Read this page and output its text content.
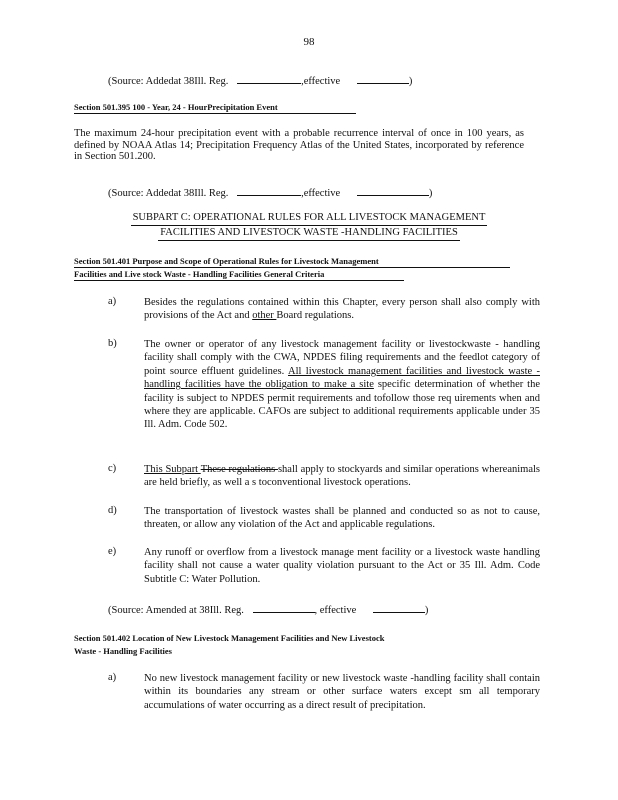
98
(Source: Addedat 38Ill. Reg.	,effective	)
Section 501.395 100 - Year, 24 - HourPrecipitation Event
The maximum 24-hour precipitation event with a probable recurrence interval of once in 100 years, as defined by NOAA Atlas 14; Precipitation Frequency Atlas of the United States, incorporated by reference in Section 501.200.
(Source: Addedat 38Ill. Reg.	,effective	)
SUBPART C: OPERATIONAL RULES FOR ALL LIVESTOCK MANAGEMENT
FACILITIES AND LIVESTOCK WASTE -HANDLING FACILITIES
Section 501.401 Purpose and Scope of Operational Rules for Livestock Management
Facilities and Live stock Waste - Handling Facilities General Criteria
a)	Besides the regulations contained within this Chapter, every person shall also comply with provisions of the Act and other Board regulations.
b)	The owner or operator of any livestock management facility or livestockwaste - handling facility shall comply with the CWA, NPDES filing requirements and the feedlot category of point source effluent guidelines. All livestock management facilities and livestock waste -handling facilities have the obligation to make a site specific determination of whether the facility is subject to NPDES permit requirements and tofollow those req uirements when and where they are applicable. CAFOs are subject to additional requirements applicable under 35 Ill. Adm. Code 502.
c)	This Subpart These regulations shall apply to stockyards and similar operations whereanimals are held briefly, as well a s toconventional livestock operations.
d)	The transportation of livestock wastes shall be planned and conducted so as not to cause, threaten, or allow any violation of the Act and applicable regulations.
e)	Any runoff or overflow from a livestock manage ment facility or a livestock waste handling facility shall not cause a water quality violation pursuant to the Act or 35 Ill. Adm. Code Subtitle C: Water Pollution.
(Source: Amended at 38Ill. Reg.	, effective	)
Section 501.402 Location of New Livestock Management Facilities and New Livestock
Waste - Handling Facilities
a)	No new livestock management facility or new livestock waste -handling facility shall contain within its boundaries any stream or other surface waters except sm all temporary accumulations of water occurring as a direct result of precipitation.
